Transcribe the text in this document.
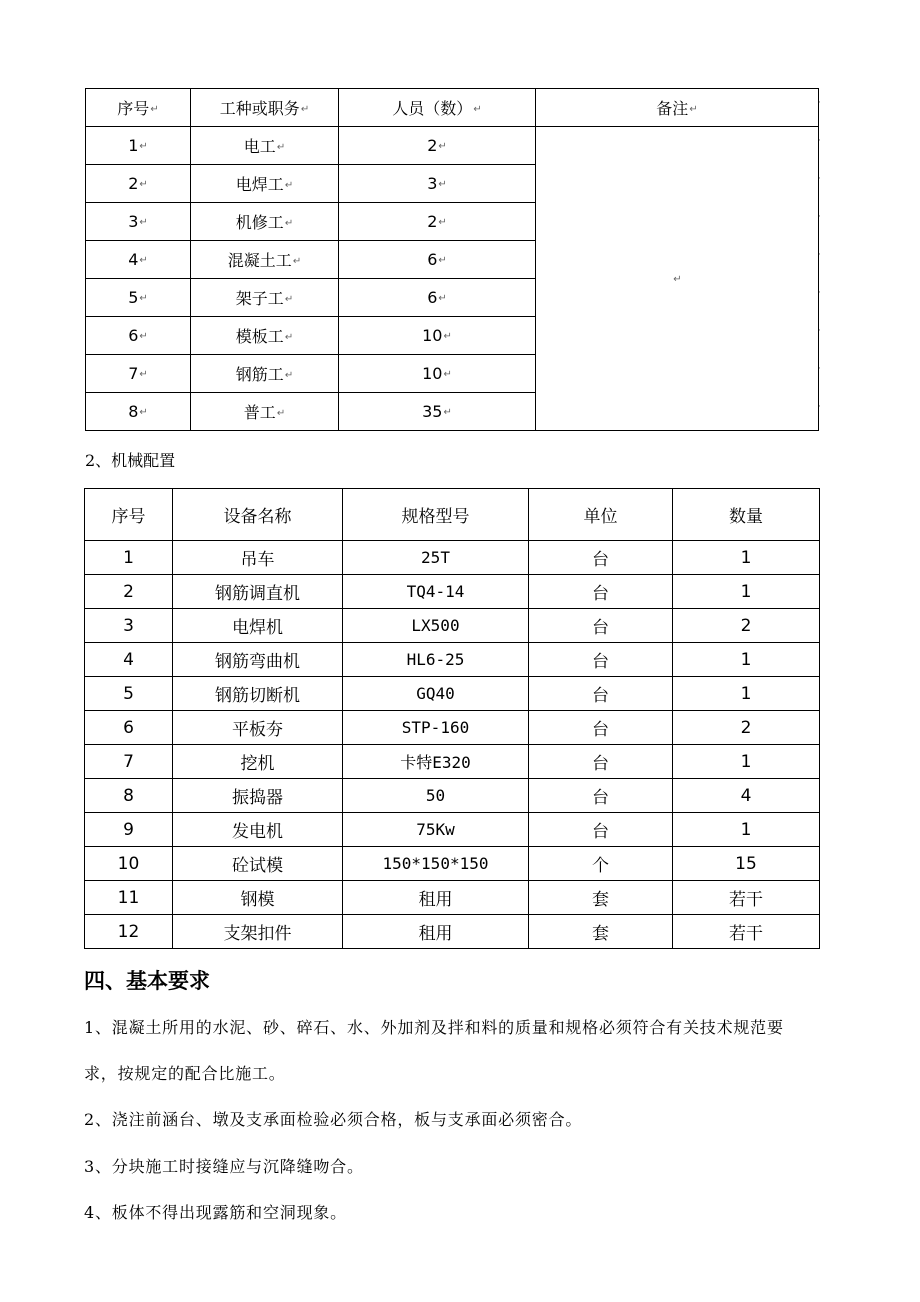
序号↵	工种或职务↵	人员（数）↵	备注↵
1↵	电工↵	2↵	↵
2↵	电焊工↵	3↵	
3↵	机修工↵	2↵	
4↵	混凝土工↵	6↵	
5↵	架子工↵	6↵	
6↵	模板工↵	10↵	
7↵	钢筋工↵	10↵	
8↵	普工↵	35↵	
·
·
·
·
·
·
·
·
·
2、机械配置
序号	设备名称	规格型号	单位	数量
1	吊车	25T	台	1
2	钢筋调直机	TQ4-14	台	1
3	电焊机	LX500	台	2
4	钢筋弯曲机	HL6-25	台	1
5	钢筋切断机	GQ40	台	1
6	平板夯	STP-160	台	2
7	挖机	卡特E320	台	1
8	振捣器	50	台	4
9	发电机	75Kw	台	1
10	砼试模	150*150*150	个	15
11	钢模	租用	套	若干
12	支架扣件	租用	套	若干
四、基本要求
1、混凝土所用的水泥、砂、碎石、水、外加剂及拌和料的质量和规格必须符合有关技术规范要
求，按规定的配合比施工。
2、浇注前涵台、墩及支承面检验必须合格，板与支承面必须密合。
3、分块施工时接缝应与沉降缝吻合。
4、板体不得出现露筋和空洞现象。
